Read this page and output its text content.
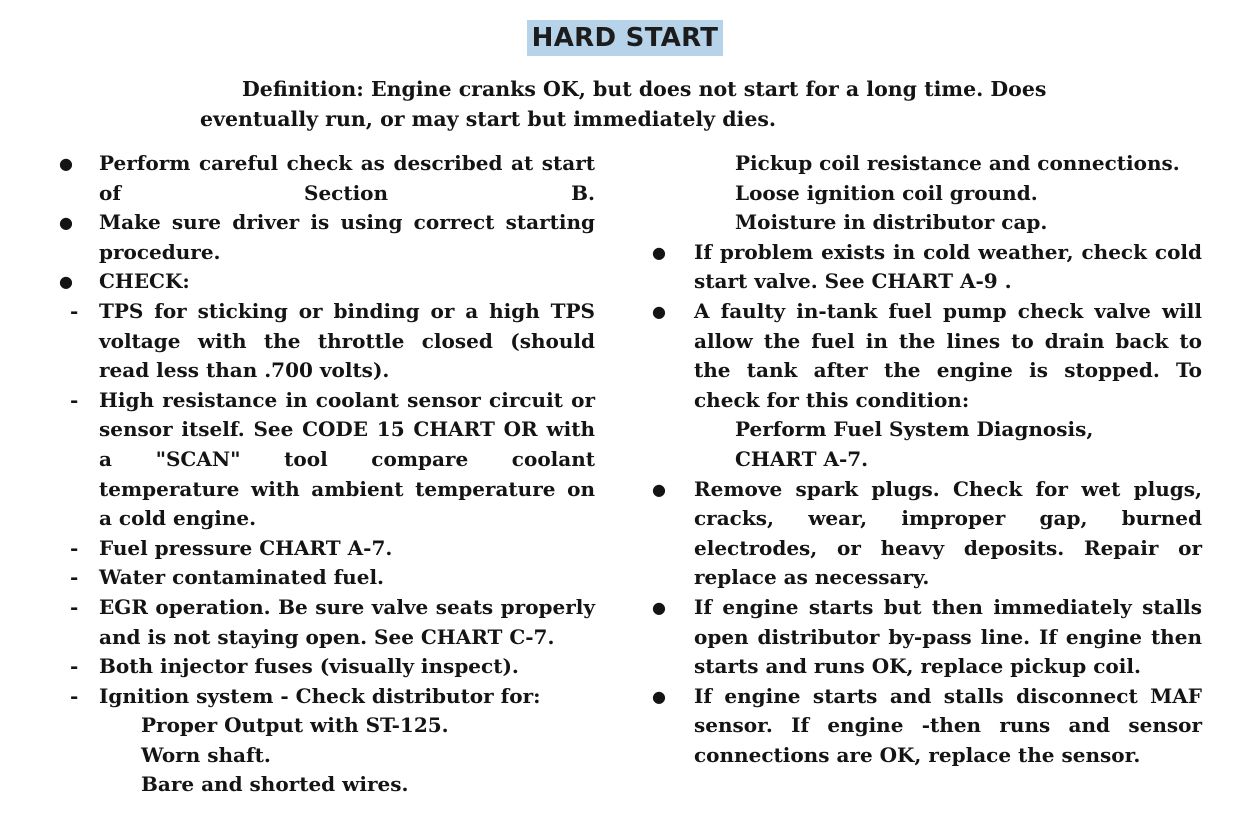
HARD START
Definition: Engine cranks OK, but does not start for a long time. Does
eventually run, or may start but immediately dies.
●

Perform careful check as described at start of Section B.

●

Make sure driver is using correct starting procedure.

●

CHECK:

- TPS for sticking or binding or a high TPS voltage with the throttle closed (should read less than .700 volts).

- High resistance in coolant sensor circuit or sensor itself. See CODE 15 CHART OR with a "SCAN" tool compare coolant temperature with ambient temperature on a cold engine.

- Fuel pressure CHART A-7.

- Water contaminated fuel.

- EGR operation. Be sure valve seats properly and is not staying open. See CHART C-7.

- Both injector fuses (visually inspect).

- Ignition system - Check distributor for:

Proper Output with ST-125.

Worn shaft.

Bare and shorted wires.

Pickup coil resistance and connections.

Loose ignition coil ground.

Moisture in distributor cap.

●

If problem exists in cold weather, check cold start valve. See CHART A-9 .

●

A faulty in-tank fuel pump check valve will allow the fuel in the lines to drain back to the tank after the engine is stopped. To check for this condition:

Perform Fuel System Diagnosis,

CHART A-7.

●

Remove spark plugs. Check for wet plugs, cracks, wear, improper gap, burned electrodes, or heavy deposits. Repair or replace as necessary.

●

If engine starts but then immediately stalls open distributor by-pass line. If engine then starts and runs OK, replace pickup coil.

●

If engine starts and stalls disconnect MAF sensor. If engine -then runs and sensor connections are OK, replace the sensor.
